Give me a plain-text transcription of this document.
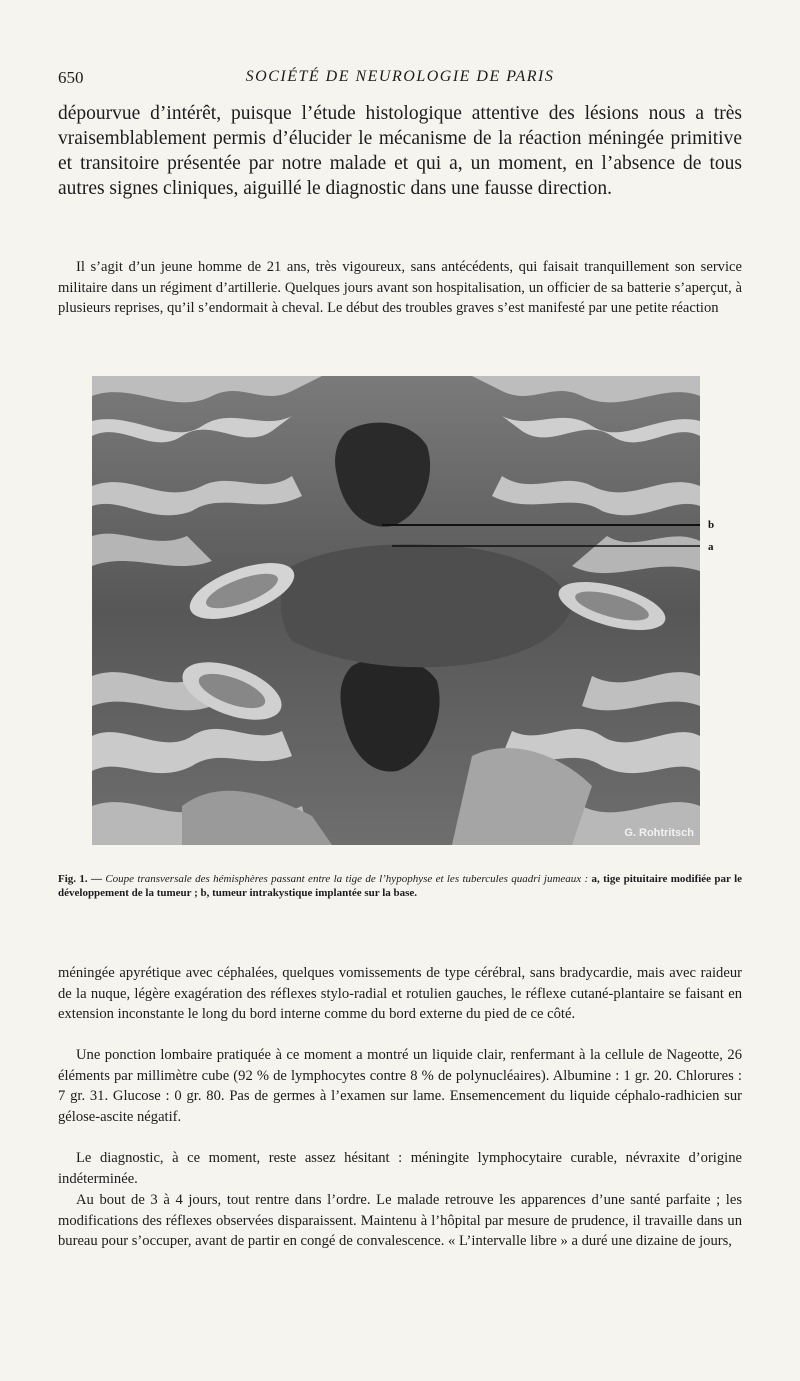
650	SOCIÉTÉ DE NEUROLOGIE DE PARIS
dépourvue d’intérêt, puisque l’étude histologique attentive des lésions nous a très vraisemblablement permis d’élucider le mécanisme de la réaction méningée primitive et transitoire présentée par notre malade et qui a, un moment, en l’absence de tous autres signes cliniques, aiguillé le diagnostic dans une fausse direction.

Il s’agit d’un jeune homme de 21 ans, très vigoureux, sans antécédents, qui faisait tranquillement son service militaire dans un régiment d’artillerie. Quelques jours avant son hospitalisation, un officier de sa batterie s’aperçut, à plusieurs reprises, qu’il s’endormait à cheval. Le début des troubles graves s’est manifesté par une petite réaction

G. Rohtritsch
b
a
Fig. 1. — Coupe transversale des hémisphères passant entre la tige de l’hypophyse et les tubercules quadri jumeaux : a, tige pituitaire modifiée par le développement de la tumeur ; b, tumeur intrakystique implantée sur la base.

méningée apyrétique avec céphalées, quelques vomissements de type cérébral, sans bradycardie, mais avec raideur de la nuque, légère exagération des réflexes stylo-radial et rotulien gauches, le réflexe cutané-plantaire se faisant en extension inconstante le long du bord interne comme du bord externe du pied de ce côté.

Une ponction lombaire pratiquée à ce moment a montré un liquide clair, renfermant à la cellule de Nageotte, 26 éléments par millimètre cube (92 % de lymphocytes contre 8 % de polynucléaires). Albumine : 1 gr. 20. Chlorures : 7 gr. 31. Glucose : 0 gr. 80. Pas de germes à l’examen sur lame. Ensemencement du liquide céphalo-radhicien sur gélose-ascite négatif.

Le diagnostic, à ce moment, reste assez hésitant : méningite lymphocytaire curable, névraxite d’origine indéterminée.

Au bout de 3 à 4 jours, tout rentre dans l’ordre. Le malade retrouve les apparences d’une santé parfaite ; les modifications des réflexes observées disparaissent. Maintenu à l’hôpital par mesure de prudence, il travaille dans un bureau pour s’occuper, avant de partir en congé de convalescence. « L’intervalle libre » a duré une dizaine de jours,
